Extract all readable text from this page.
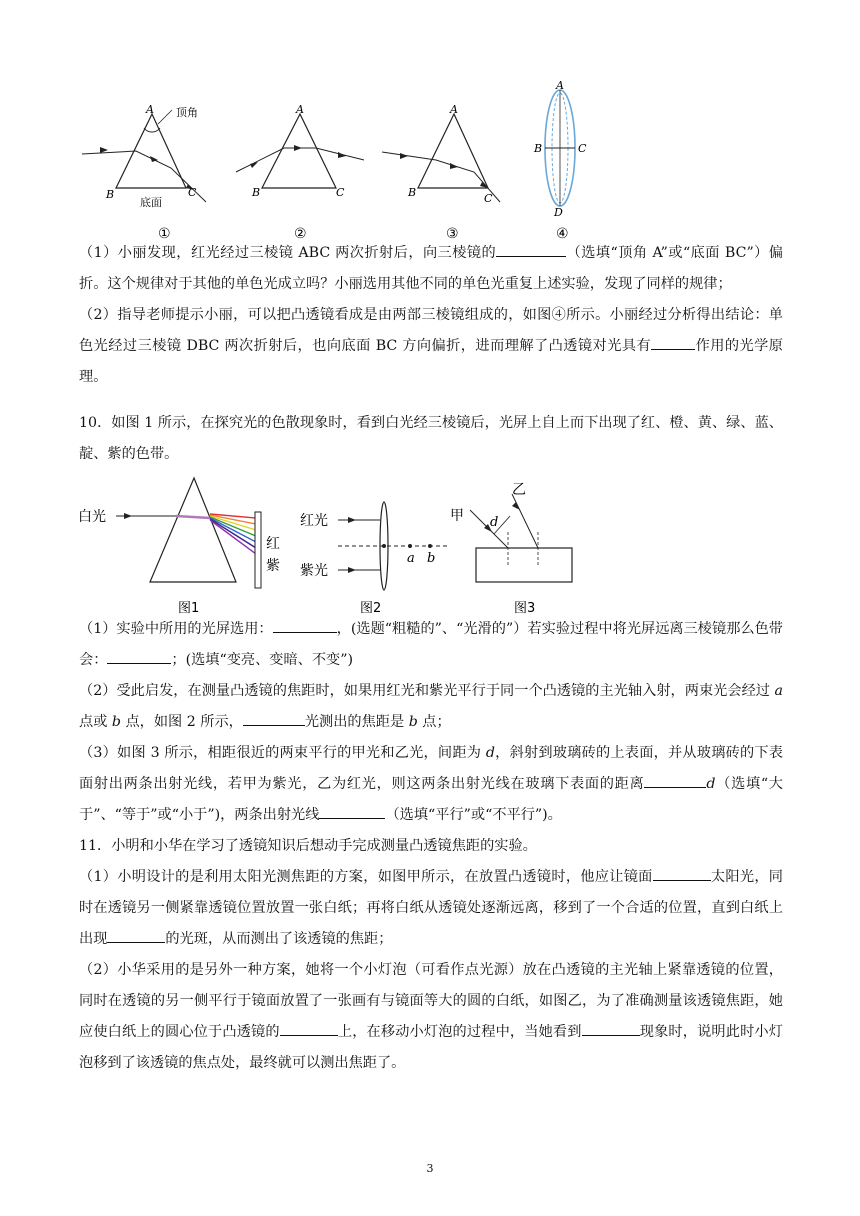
A
B	C
顶角
底面
①
A
B	C
②
A
B	C
③
A
B	C
D
④
（1）小丽发现，红光经过三棱镜 ABC 两次折射后，向三棱镜的	（选填“顶角 A”或“底面 BC”）偏折。这个规律对于其他的单色光成立吗？小丽选用其他不同的单色光重复上述实验，发现了同样的规律；
（2）指导老师提示小丽，可以把凸透镜看成是由两部三棱镜组成的，如图④所示。小丽经过分析得出结论：单色光经过三棱镜 DBC 两次折射后，也向底面 BC 方向偏折，进而理解了凸透镜对光具有	作用的光学原理。
10．如图 1 所示，在探究光的色散现象时，看到白光经三棱镜后，光屏上自上而下出现了红、橙、黄、绿、蓝、靛、紫的色带。
白光
红
紫
图1
红光
紫光
a b
图2
甲
乙
d
图3
（1）实验中所用的光屏选用：	，(选题“粗糙的”、“光滑的”）若实验过程中将光屏远离三棱镜那么色带会：	；(选填“变亮、变暗、不变”)
（2）受此启发，在测量凸透镜的焦距时，如果用红光和紫光平行于同一个凸透镜的主光轴入射，两束光会经过 a 点或 b 点，如图 2 所示，	光测出的焦距是 b 点；
（3）如图 3 所示，相距很近的两束平行的甲光和乙光，间距为 d，斜射到玻璃砖的上表面，并从玻璃砖的下表面射出两条出射光线，若甲为紫光，乙为红光，则这两条出射光线在玻璃下表面的距离	d（选填“大于”、“等于”或“小于”)，两条出射光线	（选填“平行”或“不平行”)。
11．小明和小华在学习了透镜知识后想动手完成测量凸透镜焦距的实验。
（1）小明设计的是利用太阳光测焦距的方案，如图甲所示，在放置凸透镜时，他应让镜面	太阳光，同时在透镜另一侧紧靠透镜位置放置一张白纸；再将白纸从透镜处逐渐远离，移到了一个合适的位置，直到白纸上出现	的光斑，从而测出了该透镜的焦距；
（2）小华采用的是另外一种方案，她将一个小灯泡（可看作点光源）放在凸透镜的主光轴上紧靠透镜的位置，同时在透镜的另一侧平行于镜面放置了一张画有与镜面等大的圆的白纸，如图乙，为了准确测量该透镜焦距，她应使白纸上的圆心位于凸透镜的	上，在移动小灯泡的过程中，当她看到	现象时，说明此时小灯泡移到了该透镜的焦点处，最终就可以测出焦距了。
3
